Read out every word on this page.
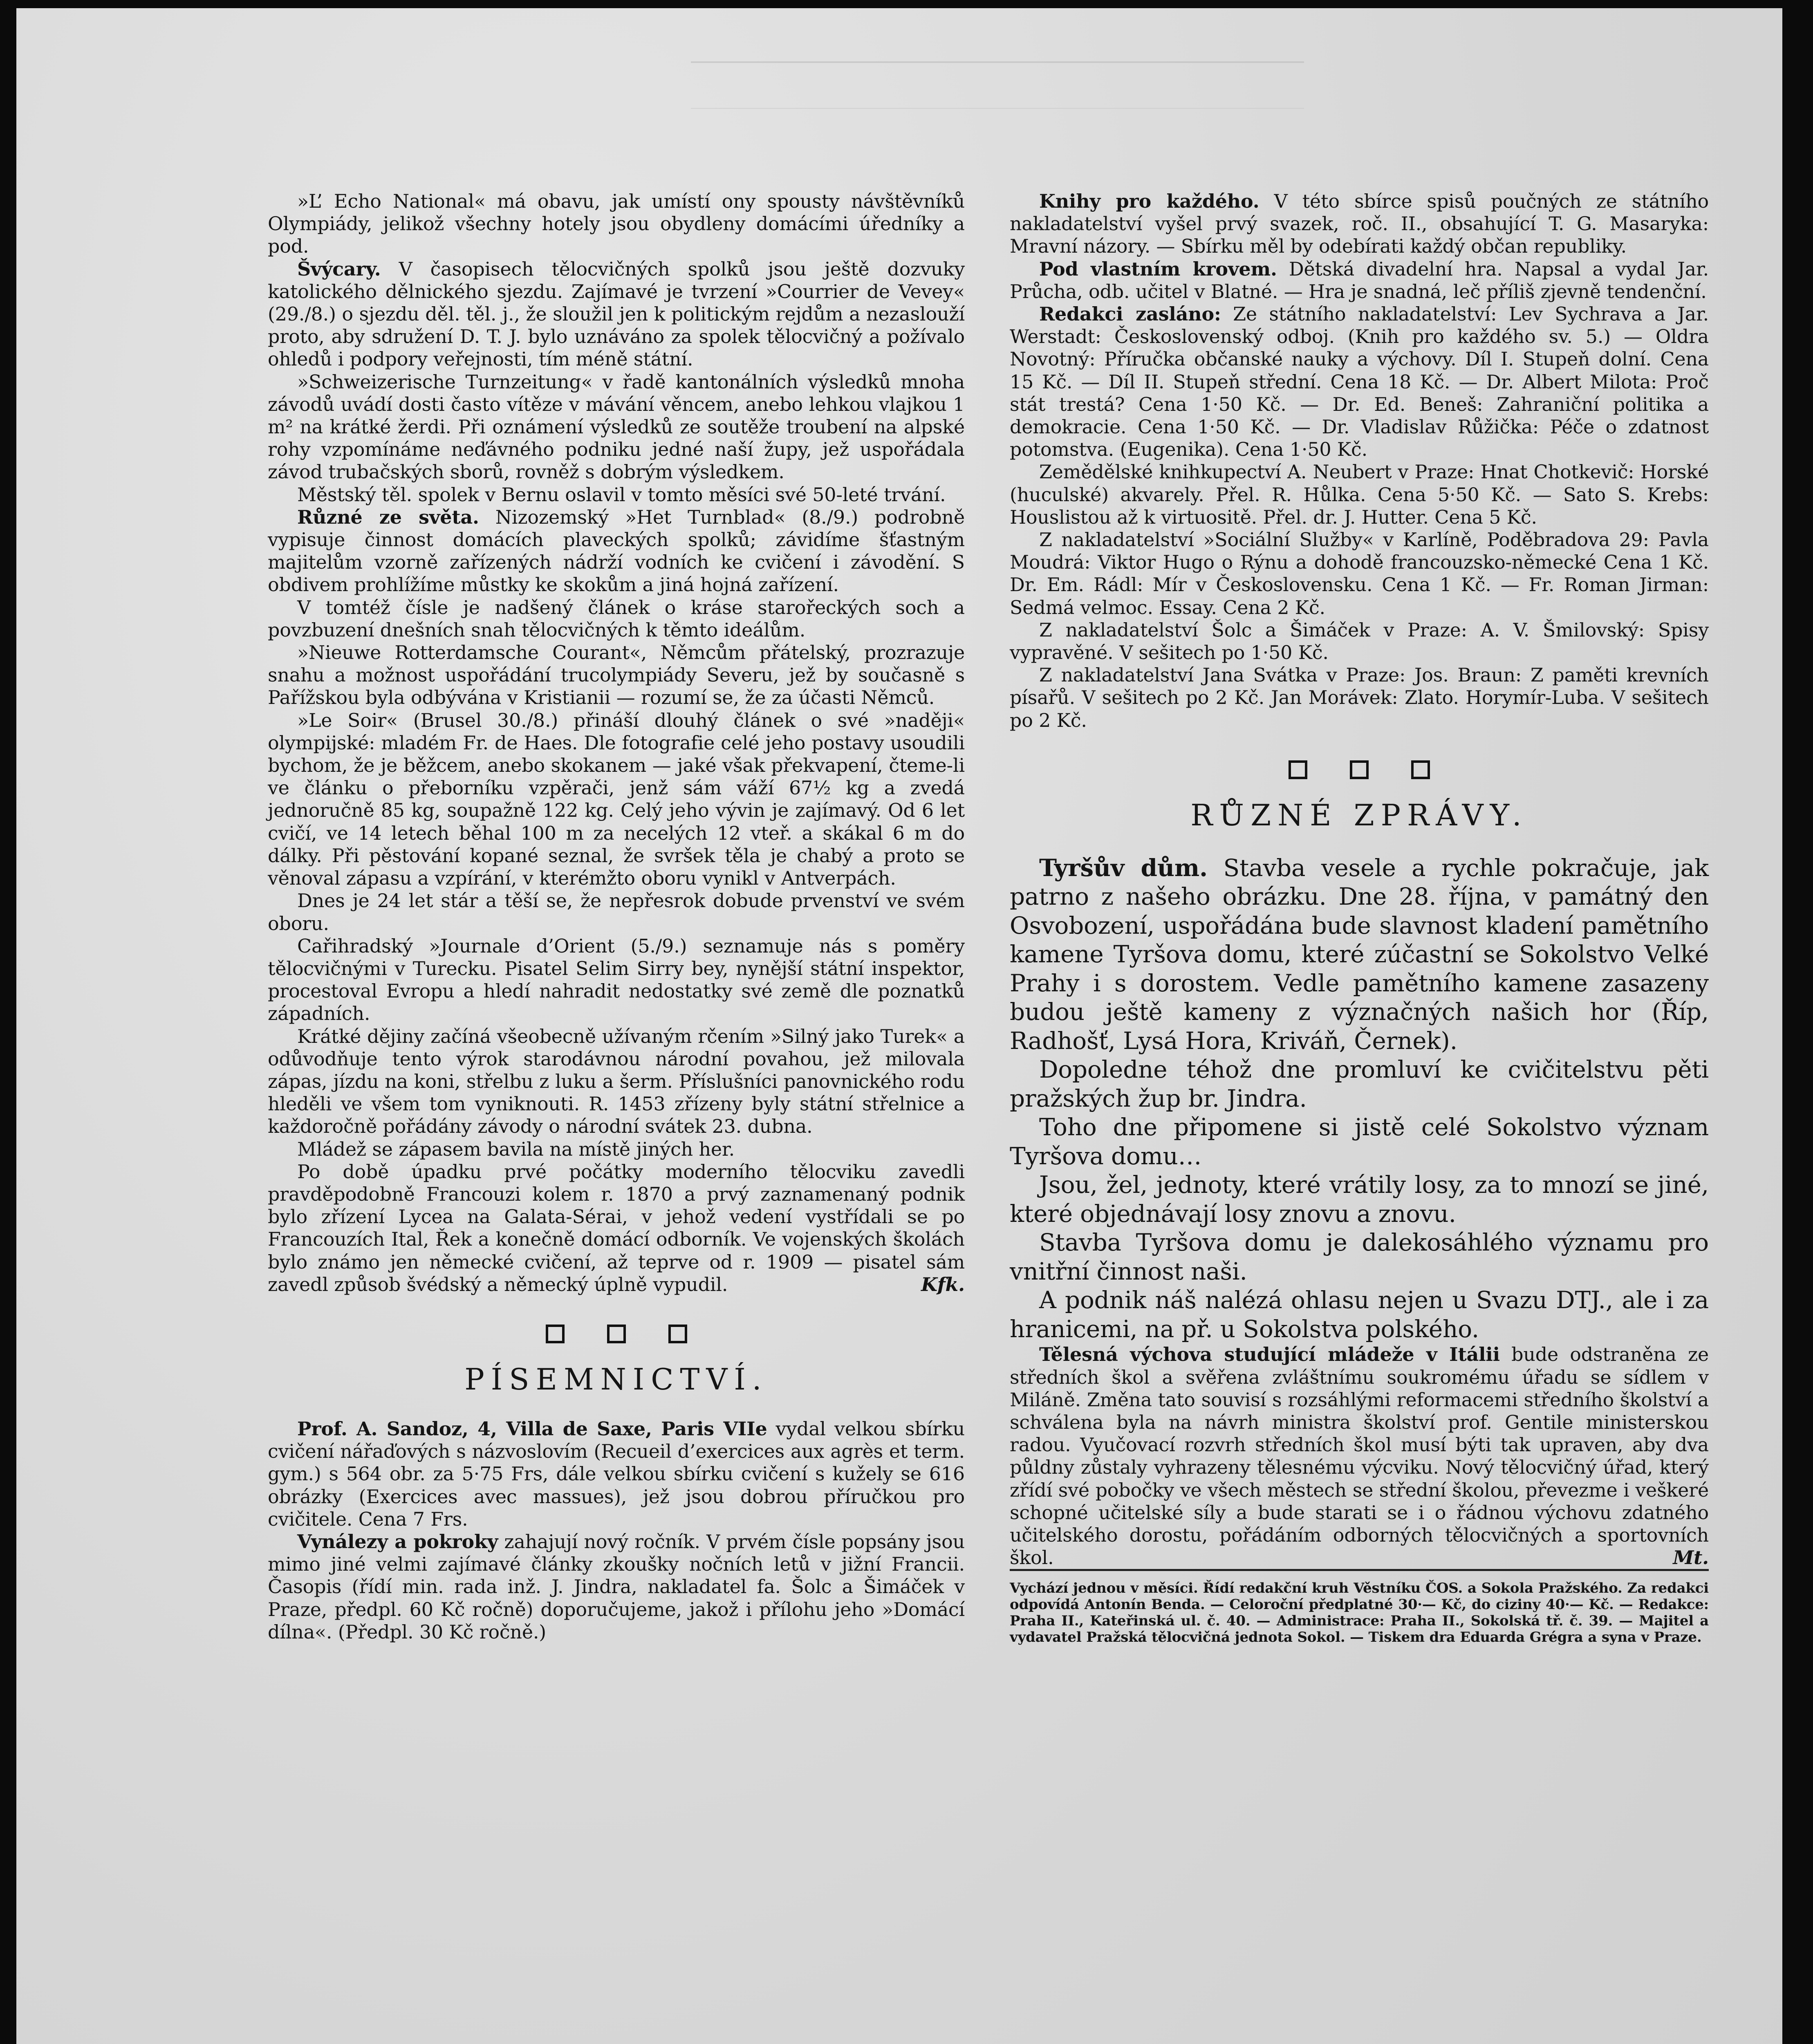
»L’ Echo National« má obavu, jak umístí ony spousty návštěvníků Olympiády, jelikož všechny hotely jsou obydleny domácími úředníky a pod.

Švýcary. V časopisech tělocvičných spolků jsou ještě dozvuky katolického dělnického sjezdu. Zajímavé je tvrzení »Courrier de Vevey« (29./8.) o sjezdu děl. těl. j., že sloužil jen k politickým rejdům a nezaslouží proto, aby sdružení D. T. J. bylo uznáváno za spolek tělocvičný a požívalo ohledů i podpory veřejnosti, tím méně státní.

»Schweizerische Turnzeitung« v řadě kantonálních výsledků mnoha závodů uvádí dosti často vítěze v mávání věncem, anebo lehkou vlajkou 1 m² na krátké žerdi. Při oznámení výsledků ze soutěže troubení na alpské rohy vzpomínáme neďávného podniku jedné naší župy, jež uspořádala závod trubačských sborů, rovněž s dobrým výsledkem.

Městský těl. spolek v Bernu oslavil v tomto měsíci své 50-leté trvání.

Různé ze světa. Nizozemský »Het Turnblad« (8./9.) podrobně vypisuje činnost domácích plaveckých spolků; závidíme šťastným majitelům vzorně zařízených nádrží vodních ke cvičení i závodění. S obdivem prohlížíme můstky ke skokům a jiná hojná zařízení.

V tomtéž čísle je nadšený článek o kráse starořeckých soch a povzbuzení dnešních snah tělocvičných k těmto ideálům.

»Nieuwe Rotterdamsche Courant«, Němcům přátelský, prozrazuje snahu a možnost uspořádání trucolympiády Severu, jež by současně s Pařížskou byla odbývána v Kristianii — rozumí se, že za účasti Němců.

»Le Soir« (Brusel 30./8.) přináší dlouhý článek o své »naději« olympijské: mladém Fr. de Haes. Dle fotografie celé jeho postavy usoudili bychom, že je běžcem, anebo skokanem — jaké však překvapení, čteme-li ve článku o přeborníku vzpěrači, jenž sám váží 67½ kg a zvedá jednoručně 85 kg, soupažně 122 kg. Celý jeho vývin je zajímavý. Od 6 let cvičí, ve 14 letech běhal 100 m za necelých 12 vteř. a skákal 6 m do dálky. Při pěstování kopané seznal, že svršek těla je chabý a proto se věnoval zápasu a vzpírání, v kterémžto oboru vynikl v Antverpách.

Dnes je 24 let stár a těší se, že nepřesrok dobude prvenství ve svém oboru.

Cařihradský »Journale d’Orient (5./9.) seznamuje nás s poměry tělocvičnými v Turecku. Pisatel Selim Sirry bey, nynější státní inspektor, procestoval Evropu a hledí nahradit nedostatky své země dle poznatků západních.

Krátké dějiny začíná všeobecně užívaným rčením »Silný jako Turek« a odůvodňuje tento výrok starodávnou národní povahou, jež milovala zápas, jízdu na koni, střelbu z luku a šerm. Příslušníci panovnického rodu hleděli ve všem tom vyniknouti. R. 1453 zřízeny byly státní střelnice a každoročně pořádány závody o národní svátek 23. dubna.

Mládež se zápasem bavila na místě jiných her.

Po době úpadku prvé počátky moderního tělocviku zavedli pravděpodobně Francouzi kolem r. 1870 a prvý zaznamenaný podnik bylo zřízení Lycea na Galata-Sérai, v jehož vedení vystřídali se po Francouzích Ital, Řek a konečně domácí odborník. Ve vojenských školách bylo známo jen německé cvičení, až teprve od r. 1909 — pisatel sám zavedl způsob švédský a německý úplně vypudil.	Kfk.

PÍSEMNICTVÍ.

Prof. A. Sandoz, 4, Villa de Saxe, Paris VIIe vydal velkou sbírku cvičení nářaďových s názvoslovím (Recueil d’exercices aux agrès et term. gym.) s 564 obr. za 5·75 Frs, dále velkou sbírku cvičení s kužely se 616 obrázky (Exercices avec massues), jež jsou dobrou příručkou pro cvičitele. Cena 7 Frs.

Vynálezy a pokroky zahajují nový ročník. V prvém čísle popsány jsou mimo jiné velmi zajímavé články zkoušky nočních letů v jižní Francii. Časopis (řídí min. rada inž. J. Jindra, nakladatel fa. Šolc a Šimáček v Praze, předpl. 60 Kč ročně) doporučujeme, jakož i přílohu jeho »Domácí dílna«. (Předpl. 30 Kč ročně.)

Knihy pro každého. V této sbírce spisů poučných ze státního nakladatelství vyšel prvý svazek, roč. II., obsahující T. G. Masaryka: Mravní názory. — Sbírku měl by odebírati každý občan republiky.

Pod vlastním krovem. Dětská divadelní hra. Napsal a vydal Jar. Průcha, odb. učitel v Blatné. — Hra je snadná, leč příliš zjevně tendenční.

Redakci zasláno: Ze státního nakladatelství: Lev Sychrava a Jar. Werstadt: Československý odboj. (Knih pro každého sv. 5.) — Oldra Novotný: Příručka občanské nauky a výchovy. Díl I. Stupeň dolní. Cena 15 Kč. — Díl II. Stupeň střední. Cena 18 Kč. — Dr. Albert Milota: Proč stát trestá? Cena 1·50 Kč. — Dr. Ed. Beneš: Zahraniční politika a demokracie. Cena 1·50 Kč. — Dr. Vladislav Růžička: Péče o zdatnost potomstva. (Eugenika). Cena 1·50 Kč.

Zemědělské knihkupectví A. Neubert v Praze: Hnat Chotkevič: Horské (huculské) akvarely. Přel. R. Hůlka. Cena 5·50 Kč. — Sato S. Krebs: Houslistou až k virtuositě. Přel. dr. J. Hutter. Cena 5 Kč.

Z nakladatelství »Sociální Služby« v Karlíně, Poděbradova 29: Pavla Moudrá: Viktor Hugo o Rýnu a dohodě francouzsko-německé Cena 1 Kč. Dr. Em. Rádl: Mír v Československu. Cena 1 Kč. — Fr. Roman Jirman: Sedmá velmoc. Essay. Cena 2 Kč.

Z nakladatelství Šolc a Šimáček v Praze: A. V. Šmilovský: Spisy vypravěné. V sešitech po 1·50 Kč.

Z nakladatelství Jana Svátka v Praze: Jos. Braun: Z paměti krevních písařů. V sešitech po 2 Kč. Jan Morávek: Zlato. Horymír-Luba. V sešitech po 2 Kč.

RŮZNÉ ZPRÁVY.

Tyršův dům. Stavba vesele a rychle pokračuje, jak patrno z našeho obrázku. Dne 28. října, v památný den Osvobození, uspořádána bude slavnost kladení pamětního kamene Tyršova domu, které zúčastní se Sokolstvo Velké Prahy i s dorostem. Vedle pamětního kamene zasazeny budou ještě kameny z význačných našich hor (Říp, Radhošť, Lysá Hora, Kriváň, Černek).

Dopoledne téhož dne promluví ke cvičitelstvu pěti pražských žup br. Jindra.

Toho dne připomene si jistě celé Sokolstvo význam Tyršova domu…

Jsou, žel, jednoty, které vrátily losy, za to mnozí se jiné, které objednávají losy znovu a znovu.

Stavba Tyršova domu je dalekosáhlého významu pro vnitřní činnost naši.

A podnik náš nalézá ohlasu nejen u Svazu DTJ., ale i za hranicemi, na př. u Sokolstva polského.

Tělesná výchova studující mládeže v Itálii bude odstraněna ze středních škol a svěřena zvláštnímu soukromému úřadu se sídlem v Miláně. Změna tato souvisí s rozsáhlými reformacemi středního školství a schválena byla na návrh ministra školství prof. Gentile ministerskou radou. Vyučovací rozvrh středních škol musí býti tak upraven, aby dva půldny zůstaly vyhrazeny tělesnému výcviku. Nový tělocvičný úřad, který zřídí své pobočky ve všech městech se střední školou, převezme i veškeré schopné učitelské síly a bude starati se i o řádnou výchovu zdatného učitelského dorostu, pořádáním odborných tělocvičných a sportovních škol.	Mt.

Vychází jednou v měsíci. Řídí redakční kruh Věstníku ČOS. a Sokola Pražského. Za redakci odpovídá Antonín Benda. — Celoroční předplatné 30·— Kč, do ciziny 40·— Kč. — Redakce: Praha II., Kateřinská ul. č. 40. — Administrace: Praha II., Sokolská tř. č. 39. — Majitel a vydavatel Pražská tělocvičná jednota Sokol. — Tiskem dra Eduarda Grégra a syna v Praze.
